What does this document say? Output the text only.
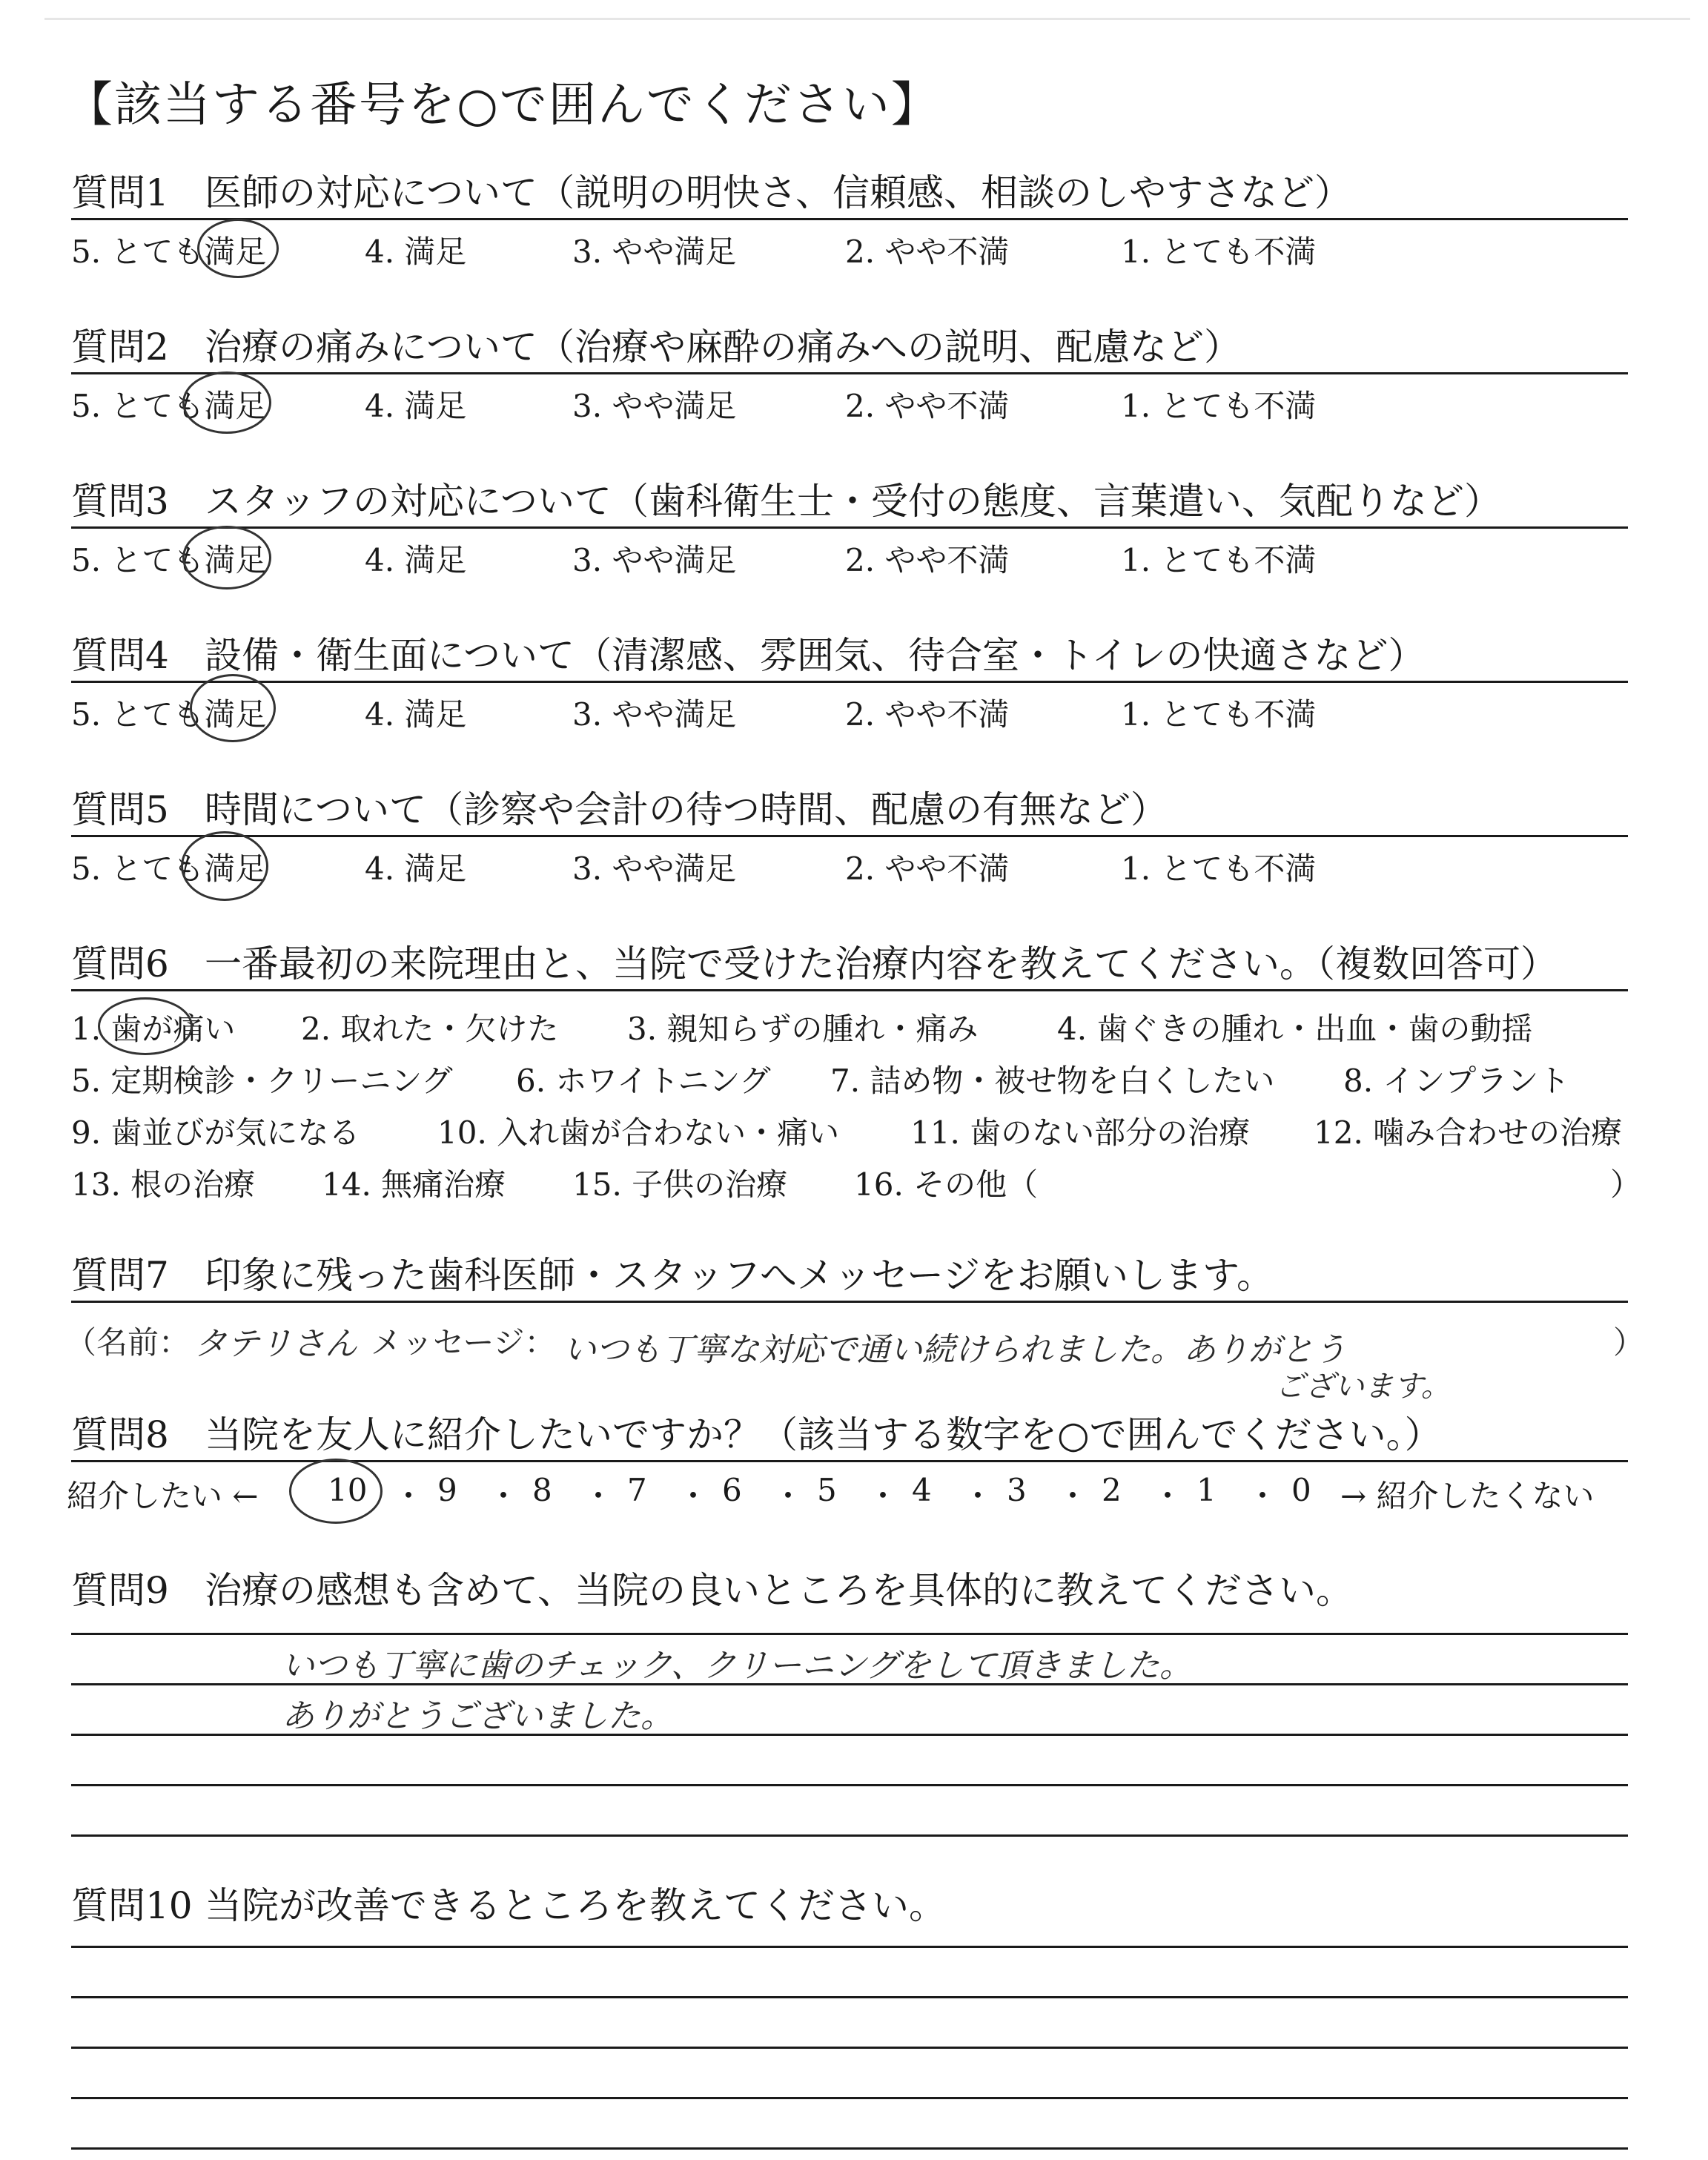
【該当する番号を○で囲んでください】
質問1 医師の対応について（説明の明快さ、信頼感、相談のしやすさなど）
5. とても満足	4. 満足	3. やや満足	2. やや不満	1. とても不満
質問2 治療の痛みについて（治療や麻酔の痛みへの説明、配慮など）
5. とても満足	4. 満足	3. やや満足	2. やや不満	1. とても不満
質問3 スタッフの対応について（歯科衛生士・受付の態度、言葉遣い、気配りなど）
5. とても満足	4. 満足	3. やや満足	2. やや不満	1. とても不満
質問4 設備・衛生面について（清潔感、雰囲気、待合室・トイレの快適さなど）
5. とても満足	4. 満足	3. やや満足	2. やや不満	1. とても不満
質問5 時間について（診察や会計の待つ時間、配慮の有無など）
5. とても満足	4. 満足	3. やや満足	2. やや不満	1. とても不満
質問6 一番最初の来院理由と、当院で受けた治療内容を教えてください。（複数回答可）
1. 歯が痛い 2. 取れた・欠けた 3. 親知らずの腫れ・痛み	4. 歯ぐきの腫れ・出血・歯の動揺
5. 定期検診・クリーニング 6. ホワイトニング 7. 詰め物・被せ物を白くしたい 8. インプラント
9. 歯並びが気になる 10. 入れ歯が合わない・痛い 11. 歯のない部分の治療 12. 噛み合わせの治療
13. 根の治療 14. 無痛治療 15. 子供の治療 16. その他（	）
質問7 印象に残った歯科医師・スタッフへメッセージをお願いします。
（名前： タテリさん メッセージ： いつも丁寧な対応で通い続けられました。ありがとう
ございます。
）
質問8 当院を友人に紹介したいですか？（該当する数字を○で囲んでください。）
紹介したい ← 10 ・ 9 ・ 8 ・ 7 ・ 6 ・ 5 ・ 4 ・ 3 ・ 2 ・ 1 ・ 0 → 紹介したくない
質問9 治療の感想も含めて、当院の良いところを具体的に教えてください。
いつも丁寧に歯のチェック、クリーニングをして頂きました。
ありがとうございました。
質問10 当院が改善できるところを教えてください。
